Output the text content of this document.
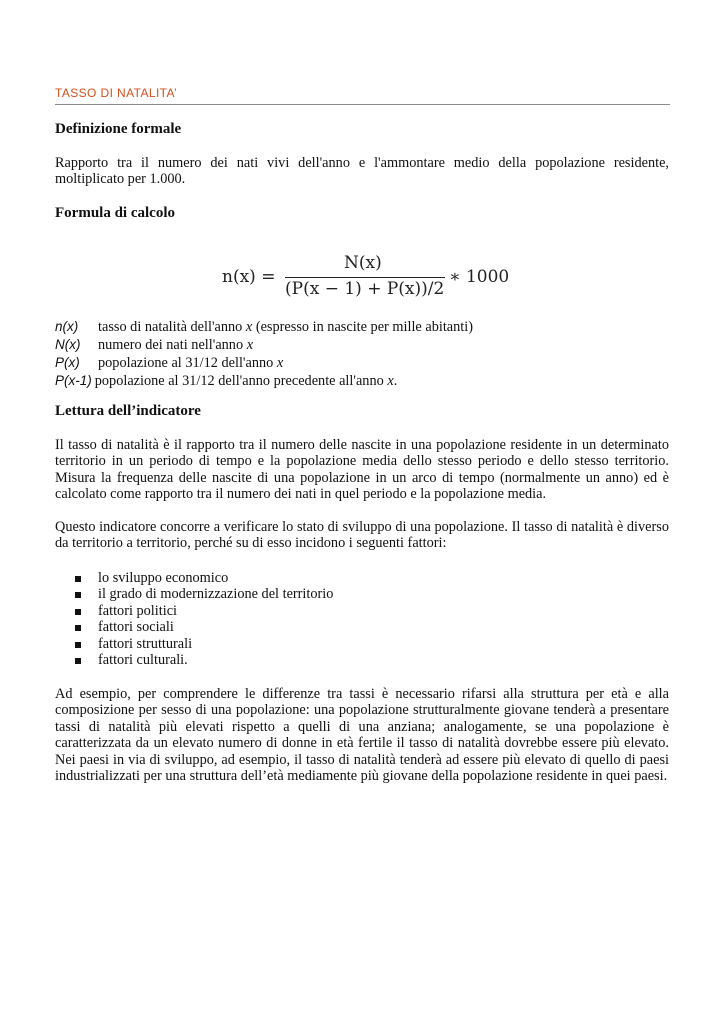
TASSO DI NATALITA’
Definizione formale
Rapporto tra il numero dei nati vivi dell'anno e l'ammontare medio della popolazione residente, moltiplicato per 1.000.
Formula di calcolo
n(x) =
N(x)
(P(x − 1) + P(x))/2
∗ 1000
n(x) tasso di natalità dell'anno x (espresso in nascite per mille abitanti)
N(x) numero dei nati nell'anno x
P(x) popolazione al 31/12 dell'anno x
P(x-1) popolazione al 31/12 dell'anno precedente all'anno x.
Lettura dell’indicatore
Il tasso di natalità è il rapporto tra il numero delle nascite in una popolazione residente in un determinato territorio in un periodo di tempo e la popolazione media dello stesso periodo e dello stesso territorio. Misura la frequenza delle nascite di una popolazione in un arco di tempo (normalmente un anno) ed è calcolato come rapporto tra il numero dei nati in quel periodo e la popolazione media.
Questo indicatore concorre a verificare lo stato di sviluppo di una popolazione. Il tasso di natalità è diverso da territorio a territorio, perché su di esso incidono i seguenti fattori:
lo sviluppo economico
il grado di modernizzazione del territorio
fattori politici
fattori sociali
fattori strutturali
fattori culturali.
Ad esempio, per comprendere le differenze tra tassi è necessario rifarsi alla struttura per età e alla composizione per sesso di una popolazione: una popolazione strutturalmente giovane tenderà a presentare tassi di natalità più elevati rispetto a quelli di una anziana; analogamente, se una popolazione è caratterizzata da un elevato numero di donne in età fertile il tasso di natalità dovrebbe essere più elevato. Nei paesi in via di sviluppo, ad esempio, il tasso di natalità tenderà ad essere più elevato di quello di paesi industrializzati per una struttura dell’età mediamente più giovane della popolazione residente in quei paesi.
